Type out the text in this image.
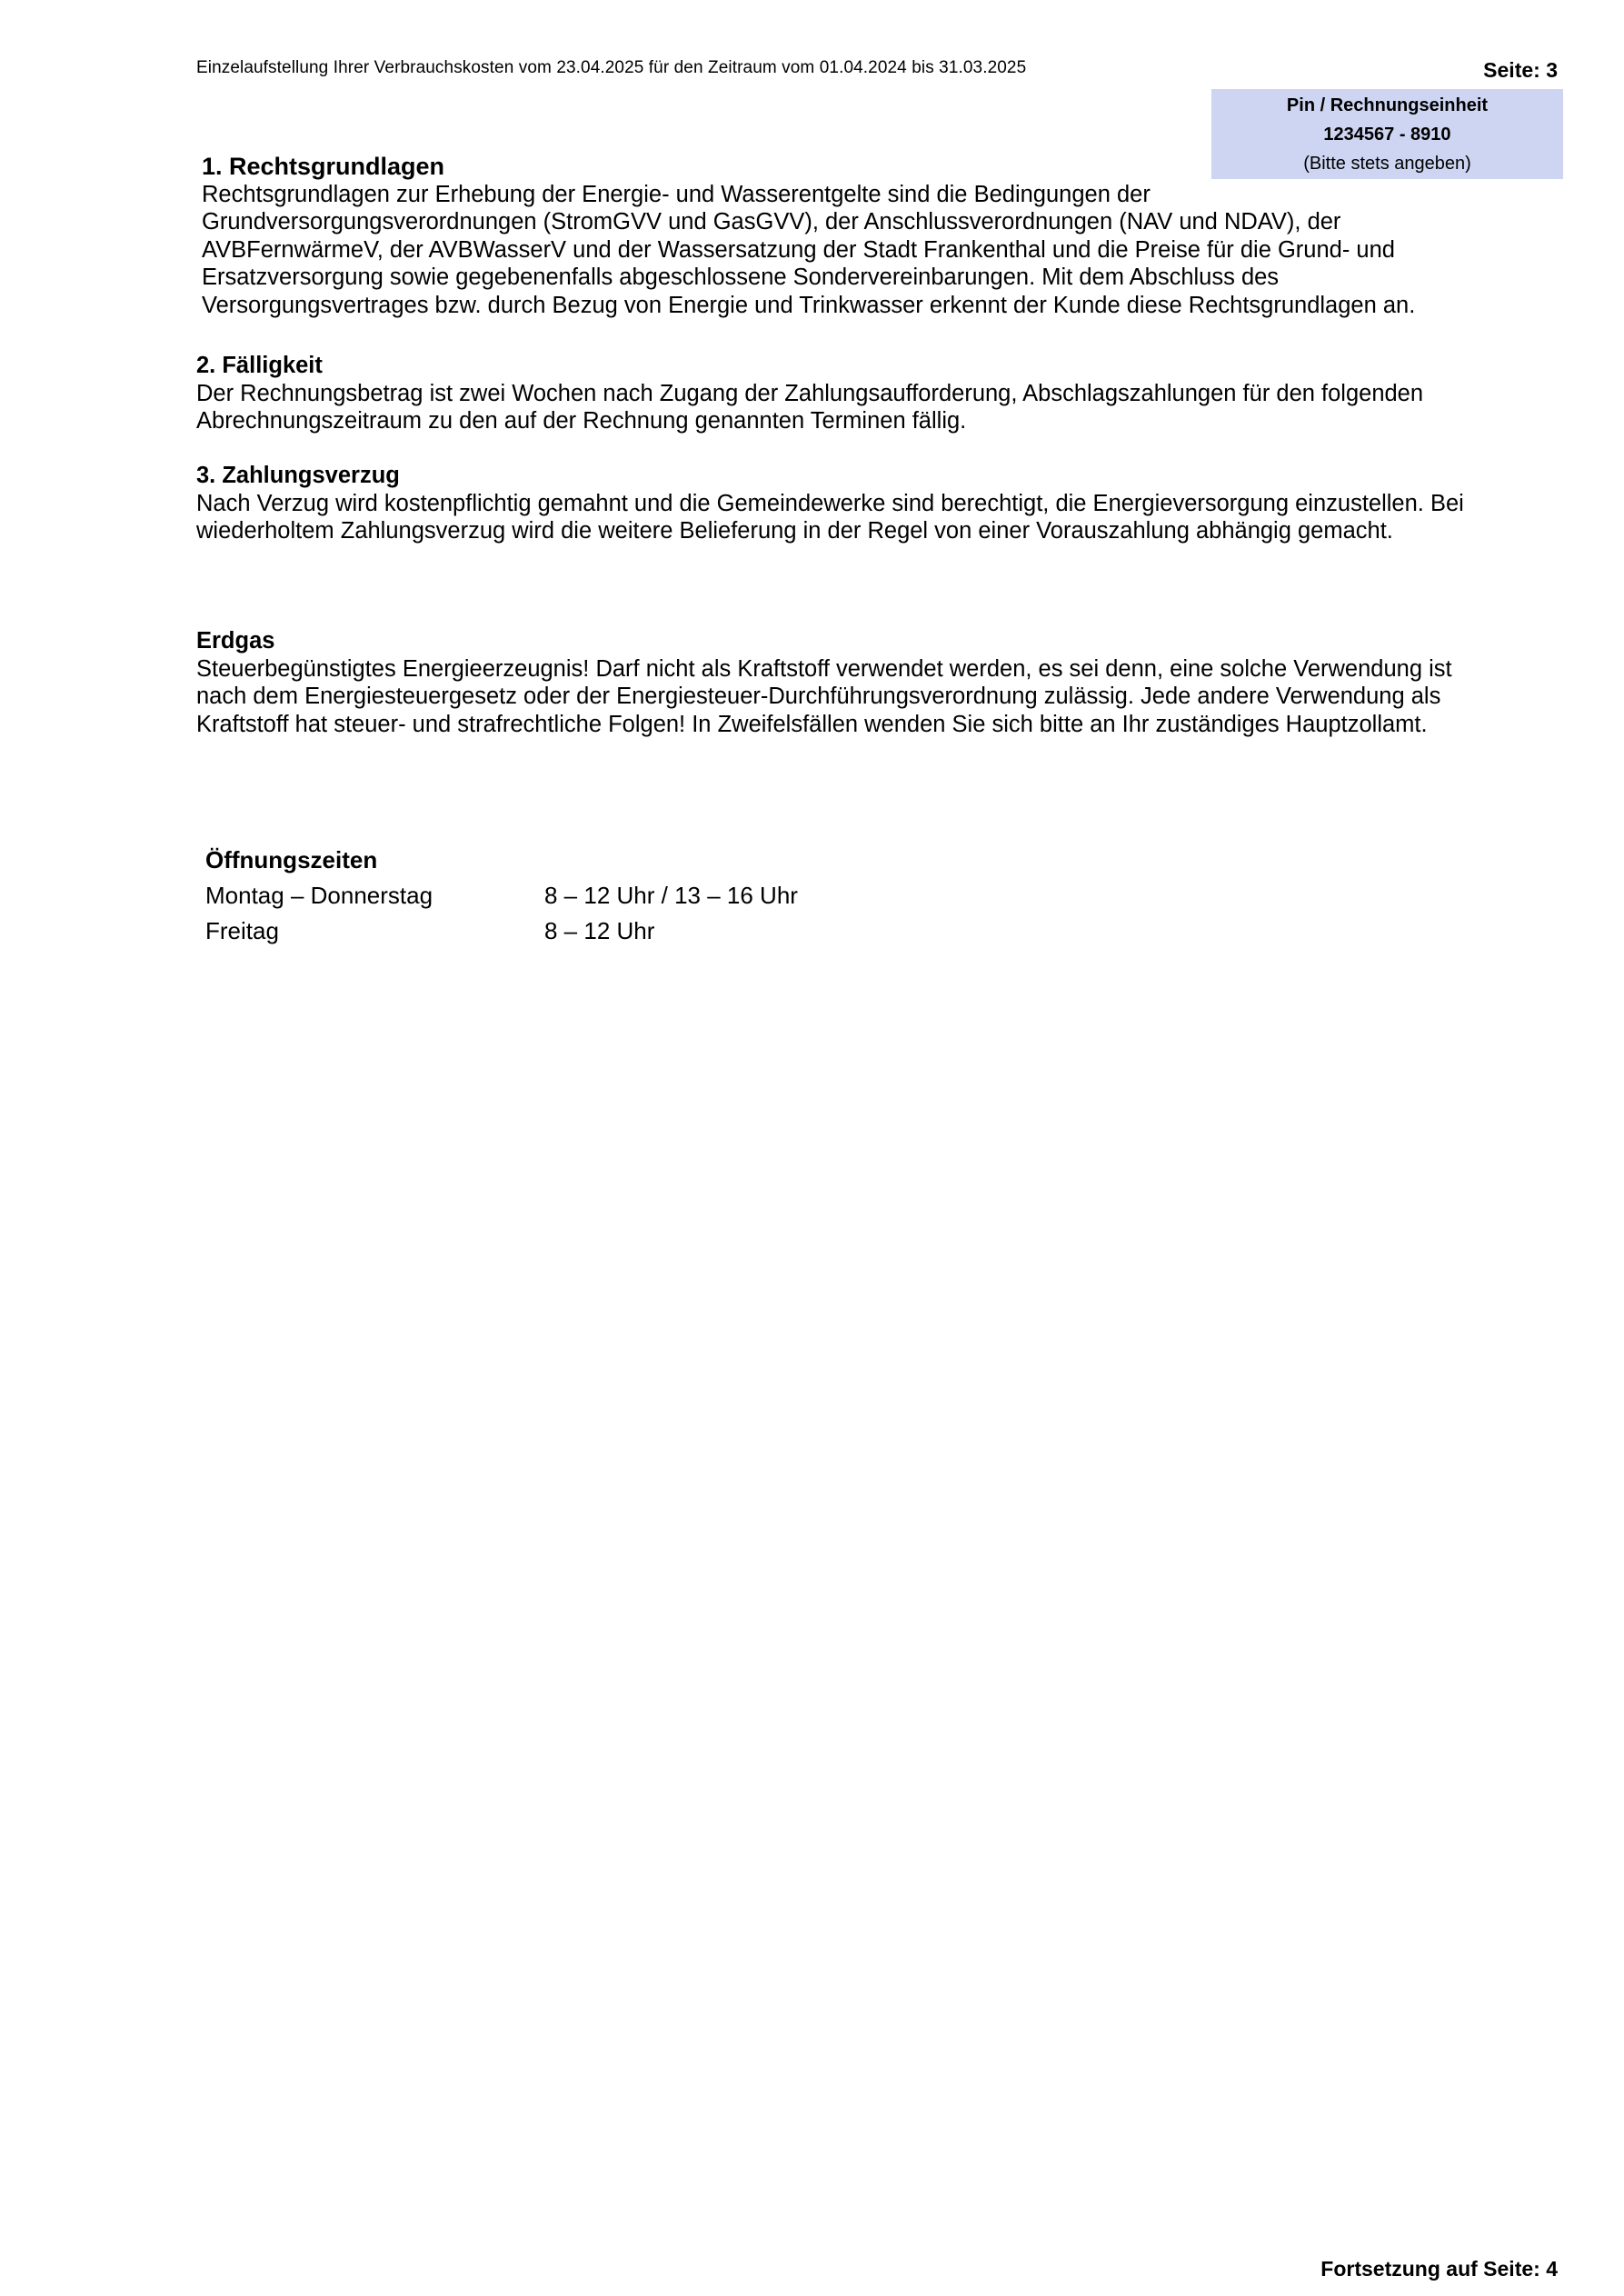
Einzelaufstellung Ihrer Verbrauchskosten vom 23.04.2025 für den Zeitraum vom 01.04.2024 bis 31.03.2025	Seite: 3
Pin / Rechnungseinheit
1234567 - 8910
(Bitte stets angeben)
1. Rechtsgrundlagen
Rechtsgrundlagen zur Erhebung der Energie- und Wasserentgelte sind die Bedingungen der
Grundversorgungsverordnungen (StromGVV und GasGVV), der Anschlussverordnungen (NAV und NDAV), der
AVBFernwärmeV, der AVBWasserV und der Wassersatzung der Stadt Frankenthal und die Preise für die Grund- und
Ersatzversorgung sowie gegebenenfalls abgeschlossene Sondervereinbarungen. Mit dem Abschluss des
Versorgungsvertrages bzw. durch Bezug von Energie und Trinkwasser erkennt der Kunde diese Rechtsgrundlagen an.
2. Fälligkeit
Der Rechnungsbetrag ist zwei Wochen nach Zugang der Zahlungsaufforderung, Abschlagszahlungen für den folgenden
Abrechnungszeitraum zu den auf der Rechnung genannten Terminen fällig.
3. Zahlungsverzug
Nach Verzug wird kostenpflichtig gemahnt und die Gemeindewerke sind berechtigt, die Energieversorgung einzustellen. Bei
wiederholtem Zahlungsverzug wird die weitere Belieferung in der Regel von einer Vorauszahlung abhängig gemacht.
Erdgas
Steuerbegünstigtes Energieerzeugnis! Darf nicht als Kraftstoff verwendet werden, es sei denn, eine solche Verwendung ist
nach dem Energiesteuergesetz oder der Energiesteuer-Durchführungsverordnung zulässig. Jede andere Verwendung als
Kraftstoff hat steuer- und strafrechtliche Folgen! In Zweifelsfällen wenden Sie sich bitte an Ihr zuständiges Hauptzollamt.
Öffnungszeiten
Montag – Donnerstag	8 – 12 Uhr / 13 – 16 Uhr
Freitag	8 – 12 Uhr
Fortsetzung auf Seite: 4
